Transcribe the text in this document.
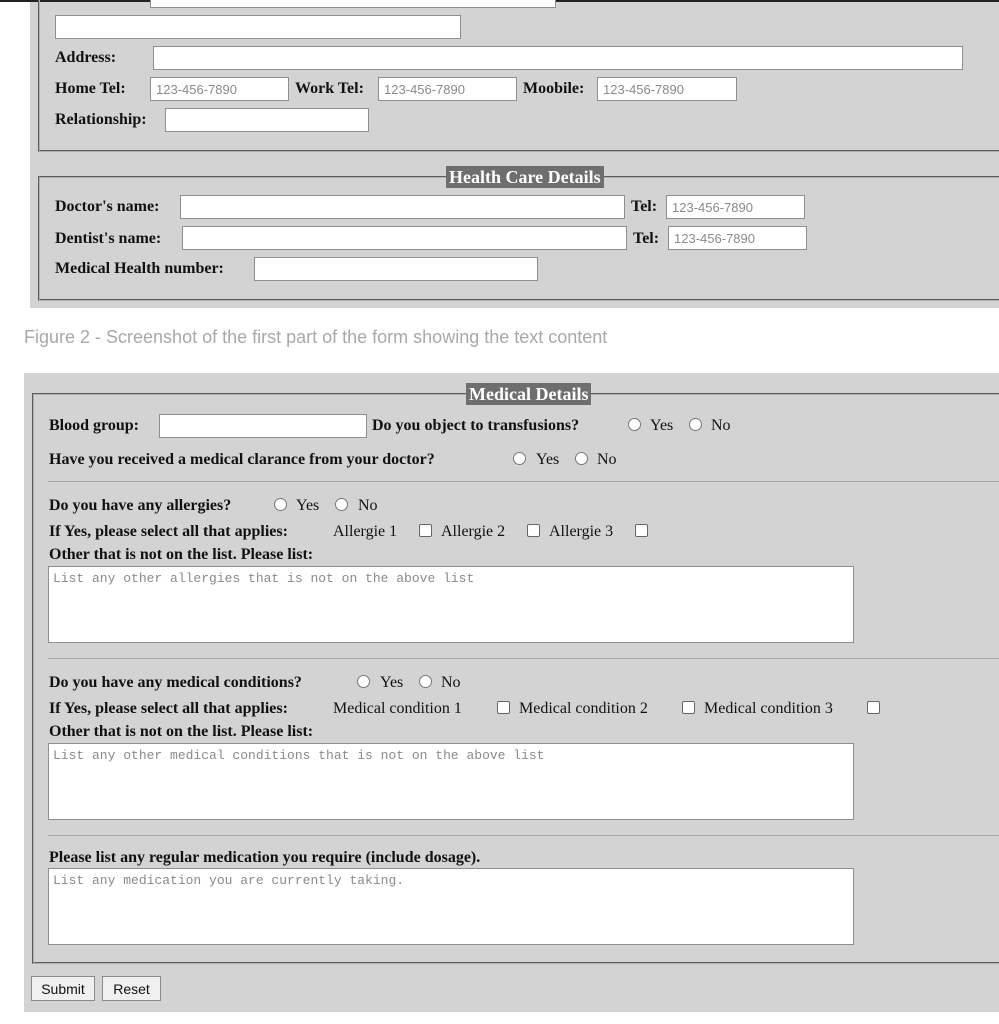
Address:
Home Tel:	123-456-7890	Work Tel:	123-456-7890	Moobile:	123-456-7890
Relationship:
Health Care Details
Doctor's name:	Tel:	123-456-7890
Dentist's name:	Tel:	123-456-7890
Medical Health number:
Figure 2 - Screenshot of the first part of the form showing the text content
Medical Details
Blood group:	Do you object to transfusions?	Yes No
Have you received a medical clarance from your doctor?	Yes No
Do you have any allergies?	Yes No
If Yes, please select all that applies:	Allergie 1	Allergie 2	Allergie 3
Other that is not on the list. Please list:
List any other allergies that is not on the above list
Do you have any medical conditions?	Yes No
If Yes, please select all that applies:	Medical condition 1	Medical condition 2	Medical condition 3
Other that is not on the list. Please list:
List any other medical conditions that is not on the above list
Please list any regular medication you require (include dosage).
List any medication you are currently taking.
Submit	Reset
